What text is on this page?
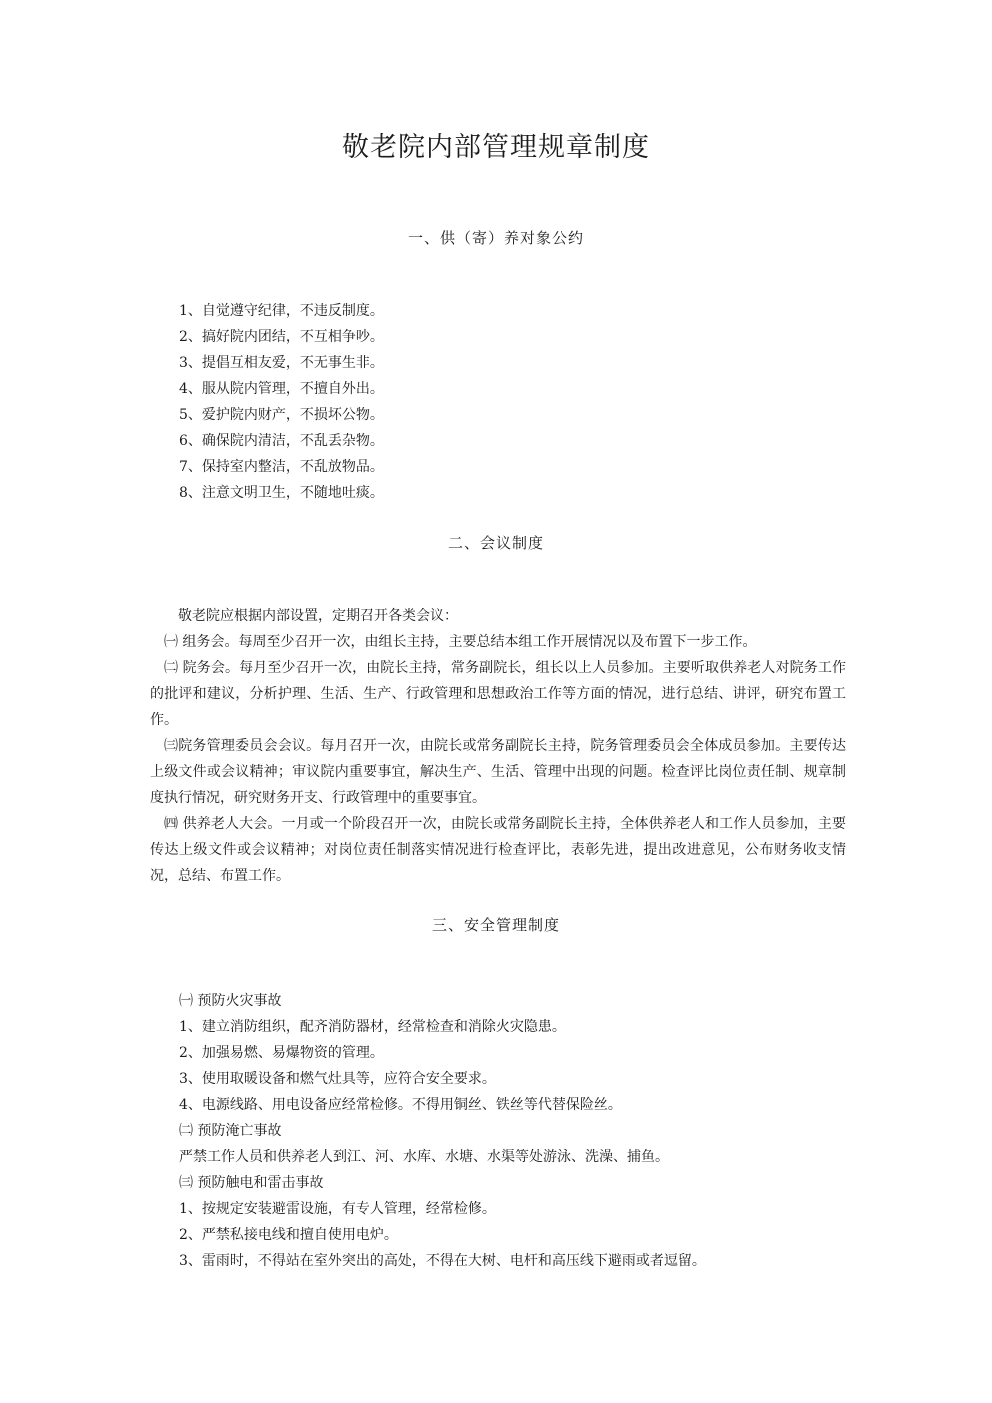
敬老院内部管理规章制度
一、供（寄）养对象公约
1、自觉遵守纪律，不违反制度。
2、搞好院内团结，不互相争吵。
3、提倡互相友爱，不无事生非。
4、服从院内管理，不擅自外出。
5、爱护院内财产，不损坏公物。
6、确保院内清洁，不乱丢杂物。
7、保持室内整洁，不乱放物品。
8、注意文明卫生，不随地吐痰。
二、会议制度
敬老院应根据内部设置，定期召开各类会议：
㈠ 组务会。每周至少召开一次，由组长主持，主要总结本组工作开展情况以及布置下一步工作。
㈡ 院务会。每月至少召开一次，由院长主持，常务副院长，组长以上人员参加。主要听取供养老人对院务工作的批评和建议，分析护理、生活、生产、行政管理和思想政治工作等方面的情况，进行总结、讲评，研究布置工作。
㈢院务管理委员会会议。每月召开一次，由院长或常务副院长主持，院务管理委员会全体成员参加。主要传达上级文件或会议精神；审议院内重要事宜，解决生产、生活、管理中出现的问题。检查评比岗位责任制、规章制度执行情况，研究财务开支、行政管理中的重要事宜。
㈣ 供养老人大会。一月或一个阶段召开一次，由院长或常务副院长主持，全体供养老人和工作人员参加，主要传达上级文件或会议精神；对岗位责任制落实情况进行检查评比，表彰先进，提出改进意见，公布财务收支情况，总结、布置工作。
三、安全管理制度
㈠ 预防火灾事故
1、建立消防组织，配齐消防器材，经常检查和消除火灾隐患。
2、加强易燃、易爆物资的管理。
3、使用取暖设备和燃气灶具等，应符合安全要求。
4、电源线路、用电设备应经常检修。不得用铜丝、铁丝等代替保险丝。
㈡ 预防淹亡事故
严禁工作人员和供养老人到江、河、水库、水塘、水渠等处游泳、洗澡、捕鱼。
㈢ 预防触电和雷击事故
1、按规定安装避雷设施，有专人管理，经常检修。
2、严禁私接电线和擅自使用电炉。
3、雷雨时，不得站在室外突出的高处，不得在大树、电杆和高压线下避雨或者逗留。
